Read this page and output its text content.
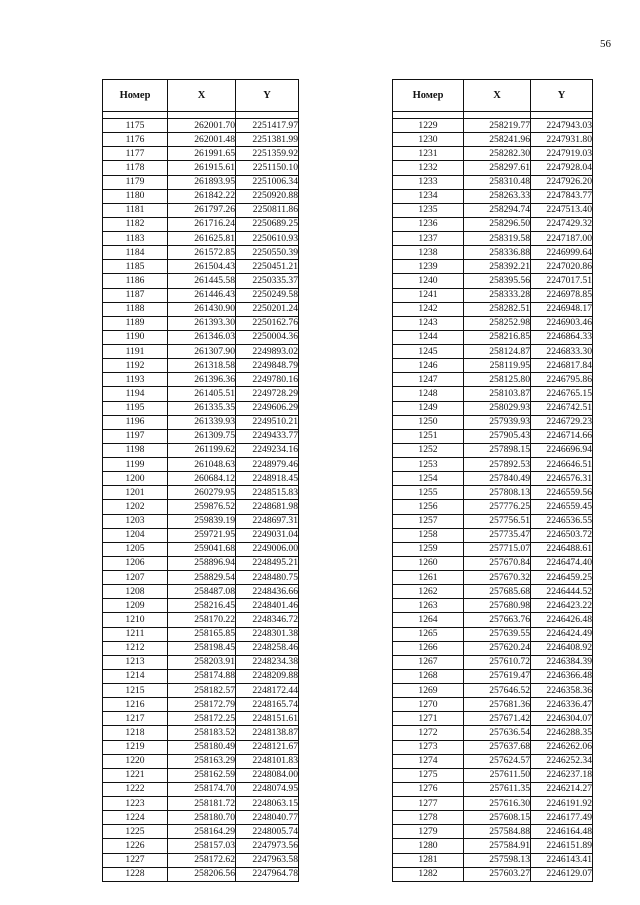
56
Номер	X	Y

1175	262001.70	2251417.97
1176	262001.48	2251381.99
1177	261991.65	2251359.92
1178	261915.61	2251150.10
1179	261893.95	2251006.34
1180	261842.22	2250920.88
1181	261797.26	2250811.86
1182	261716.24	2250689.25
1183	261625.81	2250610.93
1184	261572.85	2250550.39
1185	261504.43	2250451.21
1186	261445.58	2250335.37
1187	261446.43	2250249.58
1188	261430.90	2250201.24
1189	261393.30	2250162.76
1190	261346.03	2250004.36
1191	261307.90	2249893.02
1192	261318.58	2249848.79
1193	261396.36	2249780.16
1194	261405.51	2249728.29
1195	261335.35	2249606.29
1196	261339.93	2249510.21
1197	261309.75	2249433.77
1198	261199.62	2249234.16
1199	261048.63	2248979.46
1200	260684.12	2248918.45
1201	260279.95	2248515.83
1202	259876.52	2248681.98
1203	259839.19	2248697.31
1204	259721.95	2249031.04
1205	259041.68	2249006.00
1206	258896.94	2248495.21
1207	258829.54	2248480.75
1208	258487.08	2248436.66
1209	258216.45	2248401.46
1210	258170.22	2248346.72
1211	258165.85	2248301.38
1212	258198.45	2248258.46
1213	258203.91	2248234.38
1214	258174.88	2248209.88
1215	258182.57	2248172.44
1216	258172.79	2248165.74
1217	258172.25	2248151.61
1218	258183.52	2248138.87
1219	258180.49	2248121.67
1220	258163.29	2248101.83
1221	258162.59	2248084.00
1222	258174.70	2248074.95
1223	258181.72	2248063.15
1224	258180.70	2248040.77
1225	258164.29	2248005.74
1226	258157.03	2247973.56
1227	258172.62	2247963.58
1228	258206.56	2247964.78
Номер	X	Y

1229	258219.77	2247943.03
1230	258241.96	2247931.80
1231	258282.30	2247919.03
1232	258297.61	2247928.04
1233	258310.48	2247926.20
1234	258263.33	2247843.77
1235	258294.74	2247513.40
1236	258296.50	2247429.32
1237	258319.58	2247187.00
1238	258336.88	2246999.64
1239	258392.21	2247020.86
1240	258395.56	2247017.51
1241	258333.28	2246978.85
1242	258282.51	2246948.17
1243	258252.98	2246903.46
1244	258216.85	2246864.33
1245	258124.87	2246833.30
1246	258119.95	2246817.84
1247	258125.80	2246795.86
1248	258103.87	2246765.15
1249	258029.93	2246742.51
1250	257939.93	2246729.23
1251	257905.43	2246714.66
1252	257898.15	2246696.94
1253	257892.53	2246646.51
1254	257840.49	2246576.31
1255	257808.13	2246559.56
1256	257776.25	2246559.45
1257	257756.51	2246536.55
1258	257735.47	2246503.72
1259	257715.07	2246488.61
1260	257670.84	2246474.40
1261	257670.32	2246459.25
1262	257685.68	2246444.52
1263	257680.98	2246423.22
1264	257663.76	2246426.48
1265	257639.55	2246424.49
1266	257620.24	2246408.92
1267	257610.72	2246384.39
1268	257619.47	2246366.48
1269	257646.52	2246358.36
1270	257681.36	2246336.47
1271	257671.42	2246304.07
1272	257636.54	2246288.35
1273	257637.68	2246262.06
1274	257624.57	2246252.34
1275	257611.50	2246237.18
1276	257611.35	2246214.27
1277	257616.30	2246191.92
1278	257608.15	2246177.49
1279	257584.88	2246164.48
1280	257584.91	2246151.89
1281	257598.13	2246143.41
1282	257603.27	2246129.07
